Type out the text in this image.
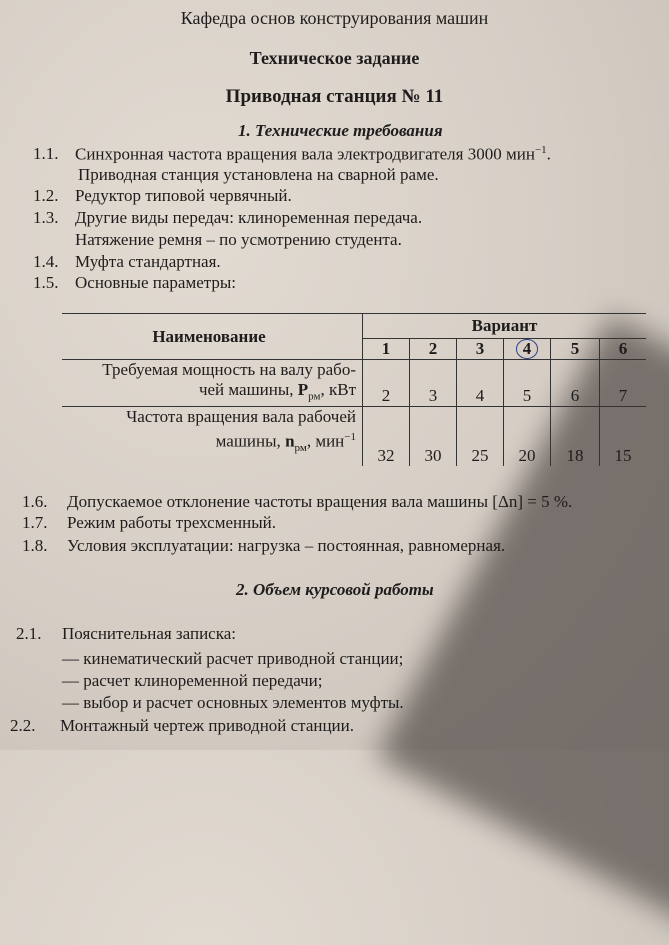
Кафедра основ конструирования машин
Техническое задание
Приводная станция № 11
1. Технические требования
1.1. Синхронная частота вращения вала электродвигателя 3000 мин$^{-1}$.
Приводная станция установлена на сварной раме.
1.2. Редуктор типовой червячный.
1.3. Другие виды передач: клиноременная передача.
Натяжение ремня – по усмотрению студента.
1.4. Муфта стандартная.
1.5. Основные параметры:
Наименование	Вариант					
	1	2	3	4	5	6
Требуемая мощность на валу рабо-
чей машины, $P_{рм}$, кВт	2	3	4	5	6	7
Частота вращения вала рабочей
машины, $n_{рм}$, мин$^{-1}$	32	30	25	20	18	15
1.6. Допускаемое отклонение частоты вращения вала машины [Δn] = 5 %.
1.7. Режим работы трехсменный.
1.8. Условия эксплуатации: нагрузка – постоянная, равномерная.
2. Объем курсовой работы
2.1. Пояснительная записка:
— кинематический расчет приводной станции;
— расчет клиноременной передачи;
— выбор и расчет основных элементов муфты.
2.2. Монтажный чертеж приводной станции.
